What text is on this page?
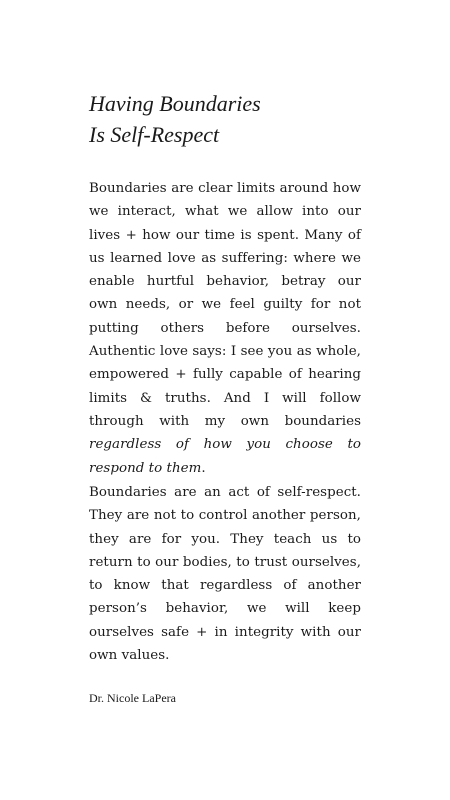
Having Boundaries
Is Self-Respect

Boundaries are clear limits around how we interact, what we allow into our lives + how our time is spent. Many of us learned love as suffering: where we enable hurtful behavior, betray our own needs, or we feel guilty for not putting others before ourselves. Authentic love says: I see you as whole, empowered + fully capable of hearing limits & truths. And I will follow through with my own boundaries regardless of how you choose to respond to them.

Boundaries are an act of self-respect. They are not to control another person, they are for you. They teach us to return to our bodies, to trust ourselves, to know that regardless of another person’s behavior, we will keep ourselves safe + in integrity with our own values.

Dr. Nicole LaPera
